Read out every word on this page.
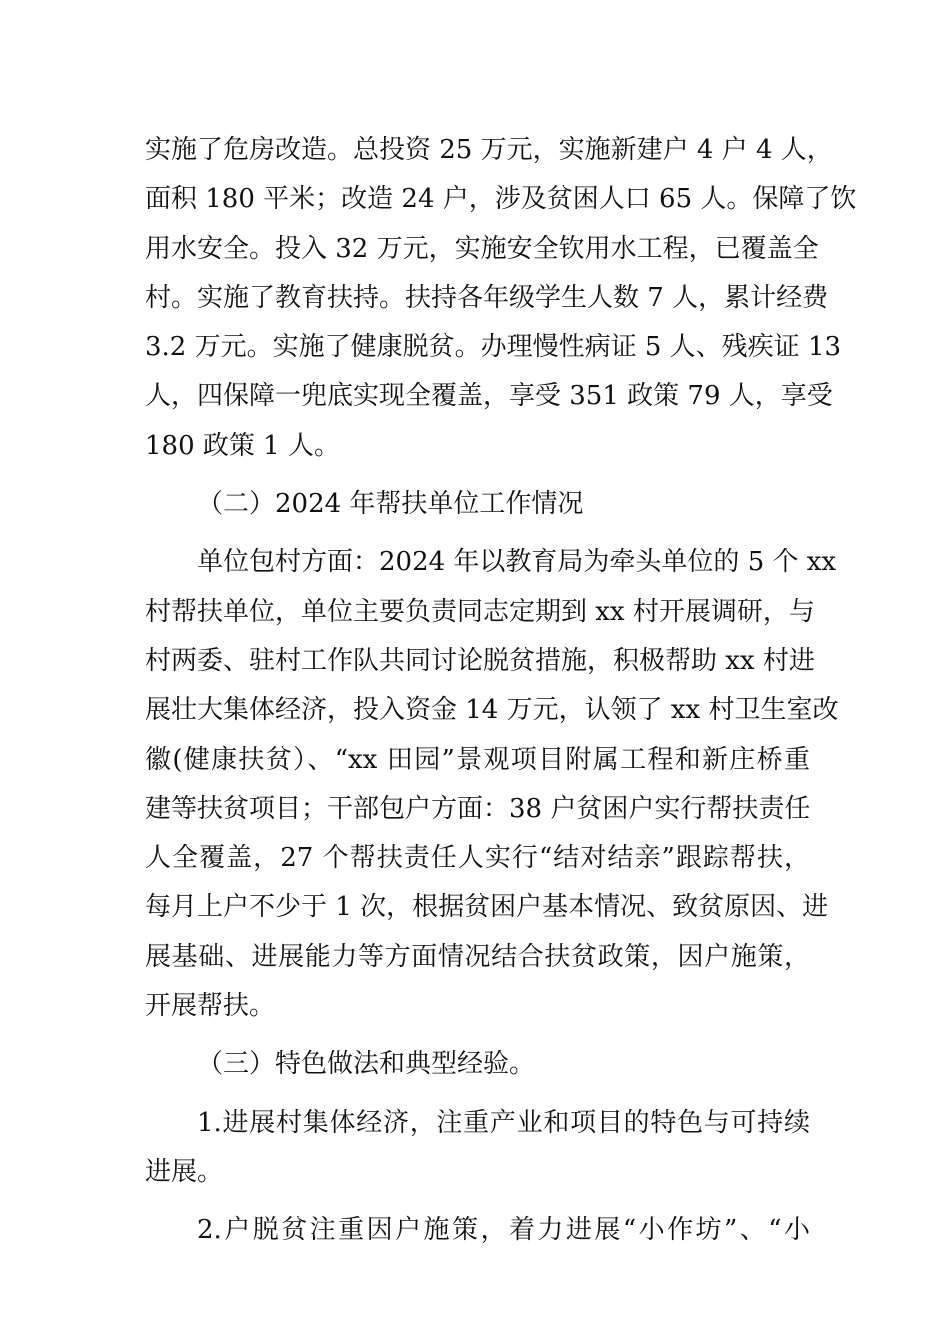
实施了危房改造。总投资 25 万元，实施新建户 4 户 4 人，
面积 180 平米；改造 24 户，涉及贫困人口 65 人。保障了饮
用水安全。投入 32 万元，实施安全钦用水工程，已覆盖全
村。实施了教育扶持。扶持各年级学生人数 7 人，累计经费
3.2 万元。实施了健康脱贫。办理慢性病证 5 人、残疾证 13
人，四保障一兜底实现全覆盖，享受 351 政策 79 人，享受
180 政策 1 人。
（二）2024 年帮扶单位工作情况
单位包村方面：2024 年以教育局为牵头单位的 5 个 xx
村帮扶单位，单位主要负责同志定期到 xx 村开展调研，与
村两委、驻村工作队共同讨论脱贫措施，积极帮助 xx 村进
展壮大集体经济，投入资金 14 万元，认领了 xx 村卫生室改
徽(健康扶贫）、“xx 田园”景观项目附属工程和新庄桥重
建等扶贫项目；干部包户方面：38 户贫困户实行帮扶责任
人全覆盖，27 个帮扶责任人实行“结对结亲”跟踪帮扶，
每月上户不少于 1 次，根据贫困户基本情况、致贫原因、进
展基础、进展能力等方面情况结合扶贫政策，因户施策，
开展帮扶。
（三）特色做法和典型经验。
1.进展村集体经济，注重产业和项目的特色与可持续
进展。
2.户脱贫注重因户施策，着力进展“小作坊”、“小
